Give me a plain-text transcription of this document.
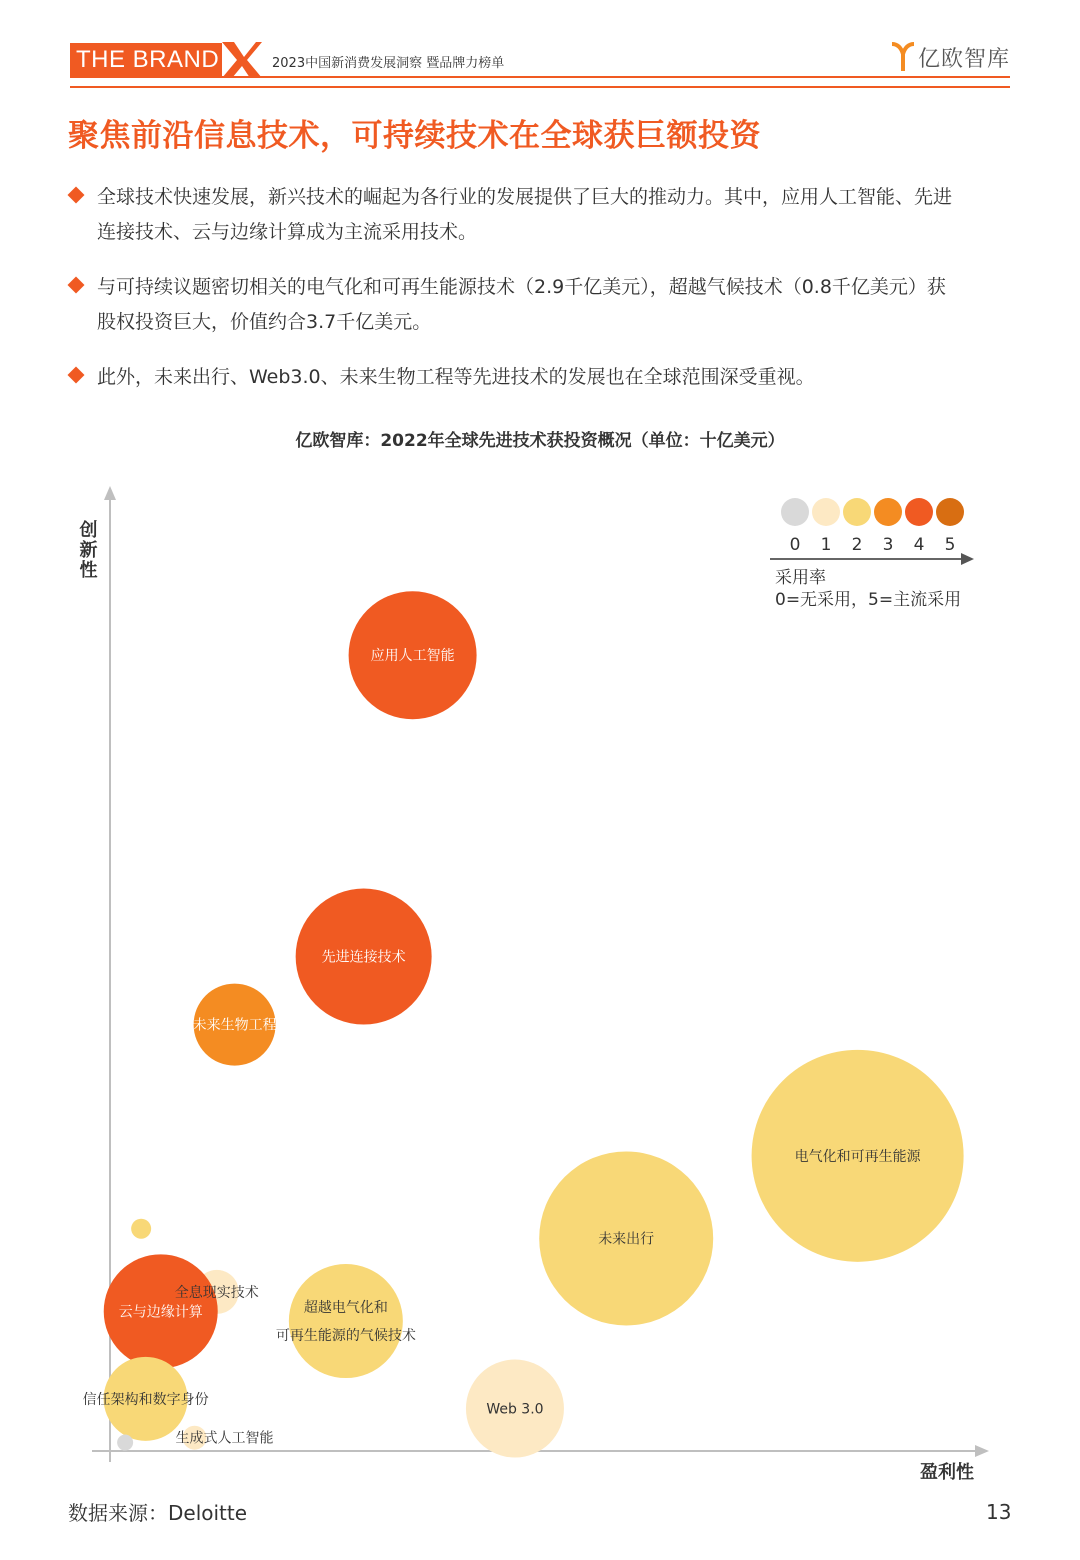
THE BRAND	2023中国新消费发展洞察 暨品牌力榜单	亿欧智库
聚焦前沿信息技术，可持续技术在全球获巨额投资
全球技术快速发展，新兴技术的崛起为各行业的发展提供了巨大的推动力。其中，应用人工智能、先进
连接技术、云与边缘计算成为主流采用技术。
与可持续议题密切相关的电气化和可再生能源技术（2.9千亿美元），超越气候技术（0.8千亿美元）获
股权投资巨大，价值约合3.7千亿美元。
此外，未来出行、Web3.0、未来生物工程等先进技术的发展也在全球范围深受重视。
亿欧智库：2022年全球先进技术获投资概况（单位：十亿美元）
创新性
盈利性
采用率
0=无采用，5=主流采用
0 1 2 3 4 5
应用人工智能
先进连接技术
未来生物工程
电气化和可再生能源
未来出行
全息现实技术
云与边缘计算	超越电气化和
可再生能源的气候技术
信任架构和数字身份
Web 3.0
生成式人工智能
数据来源：Deloitte	13
